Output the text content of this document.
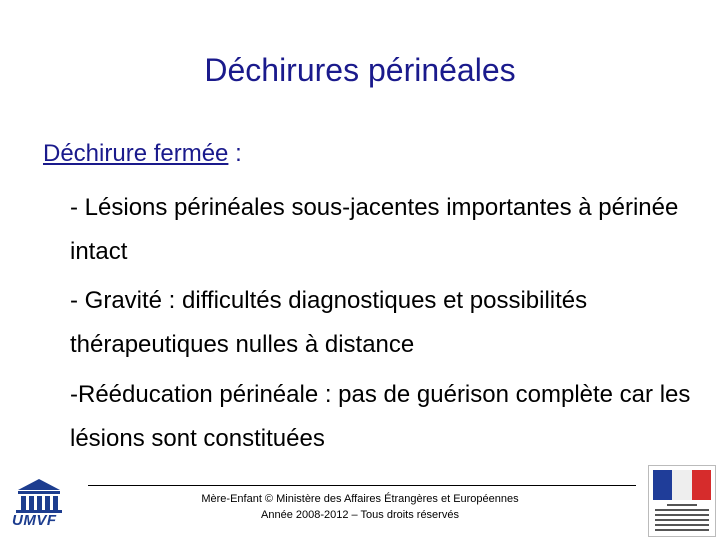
Déchirures périnéales
Déchirure fermée :
- Lésions périnéales sous-jacentes importantes à périnée intact
- Gravité : difficultés diagnostiques et possibilités thérapeutiques nulles à distance
-Rééducation périnéale : pas de guérison complète car les lésions sont constituées
UMVF
Mère-Enfant © Ministère des Affaires Étrangères et Européennes
Année 2008-2012 – Tous droits réservés
